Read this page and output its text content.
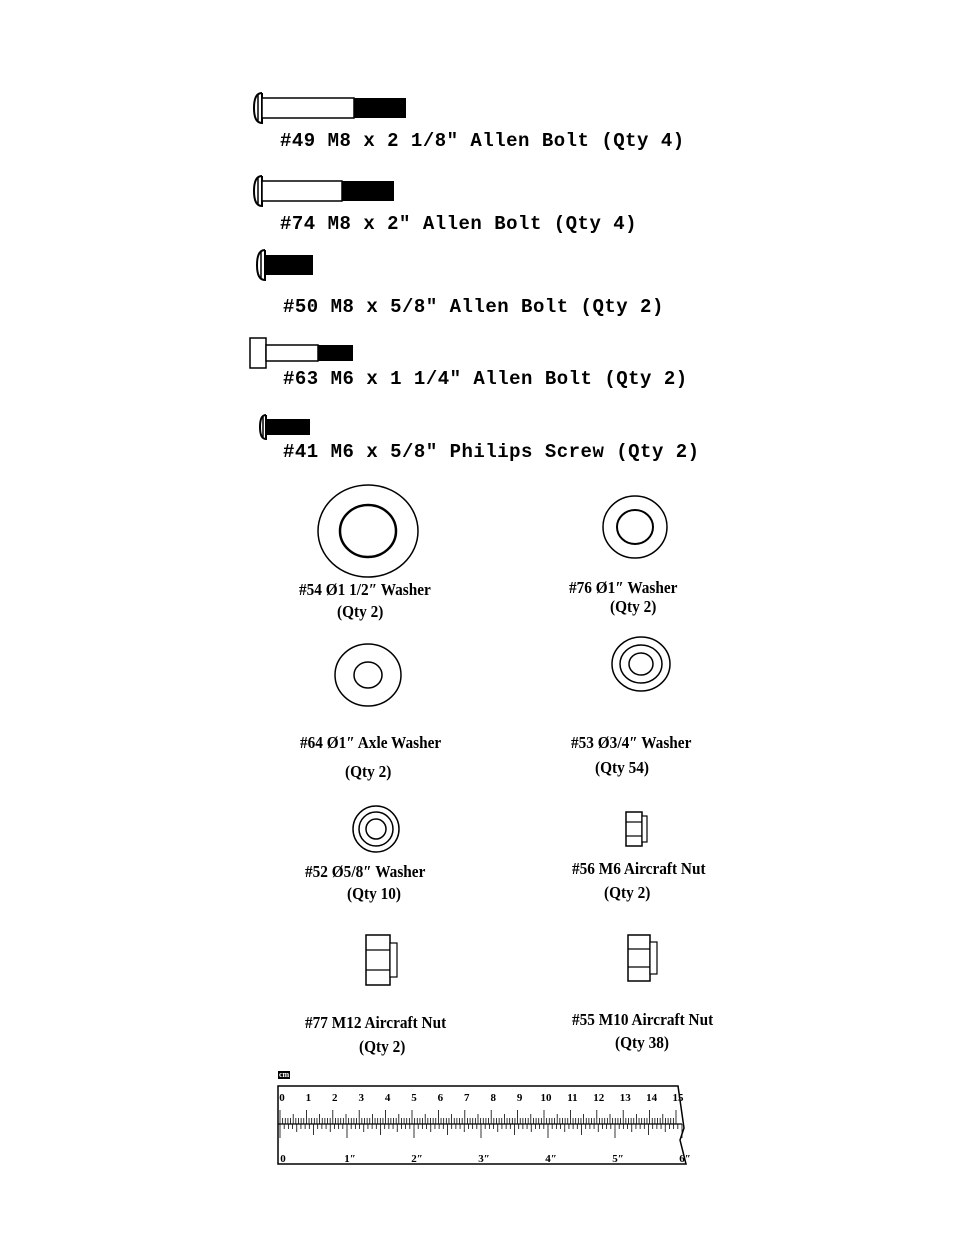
#49 M8 x 2 1/8" Allen Bolt (Qty 4)
#74 M8 x 2" Allen Bolt (Qty 4)
#50 M8 x 5/8" Allen Bolt (Qty 2)
#63 M6 x 1 1/4" Allen Bolt (Qty 2)
#41 M6 x 5/8" Philips Screw (Qty 2)
#54 Ø1 1/2″ Washer
(Qty 2)
#76 Ø1″ Washer
(Qty 2)
#64 Ø1″ Axle Washer
(Qty 2)
#53 Ø3/4″ Washer
(Qty 54)
#52 Ø5/8″ Washer
(Qty 10)
#56 M6 Aircraft Nut
(Qty 2)
#77 M12 Aircraft Nut
(Qty 2)
#55 M10 Aircraft Nut
(Qty 38)
cm
0 1 2 3 4 5 6 7 8 9 10 11 12 13 14 15
0	1″	2″	3″	4″	5″	6″
